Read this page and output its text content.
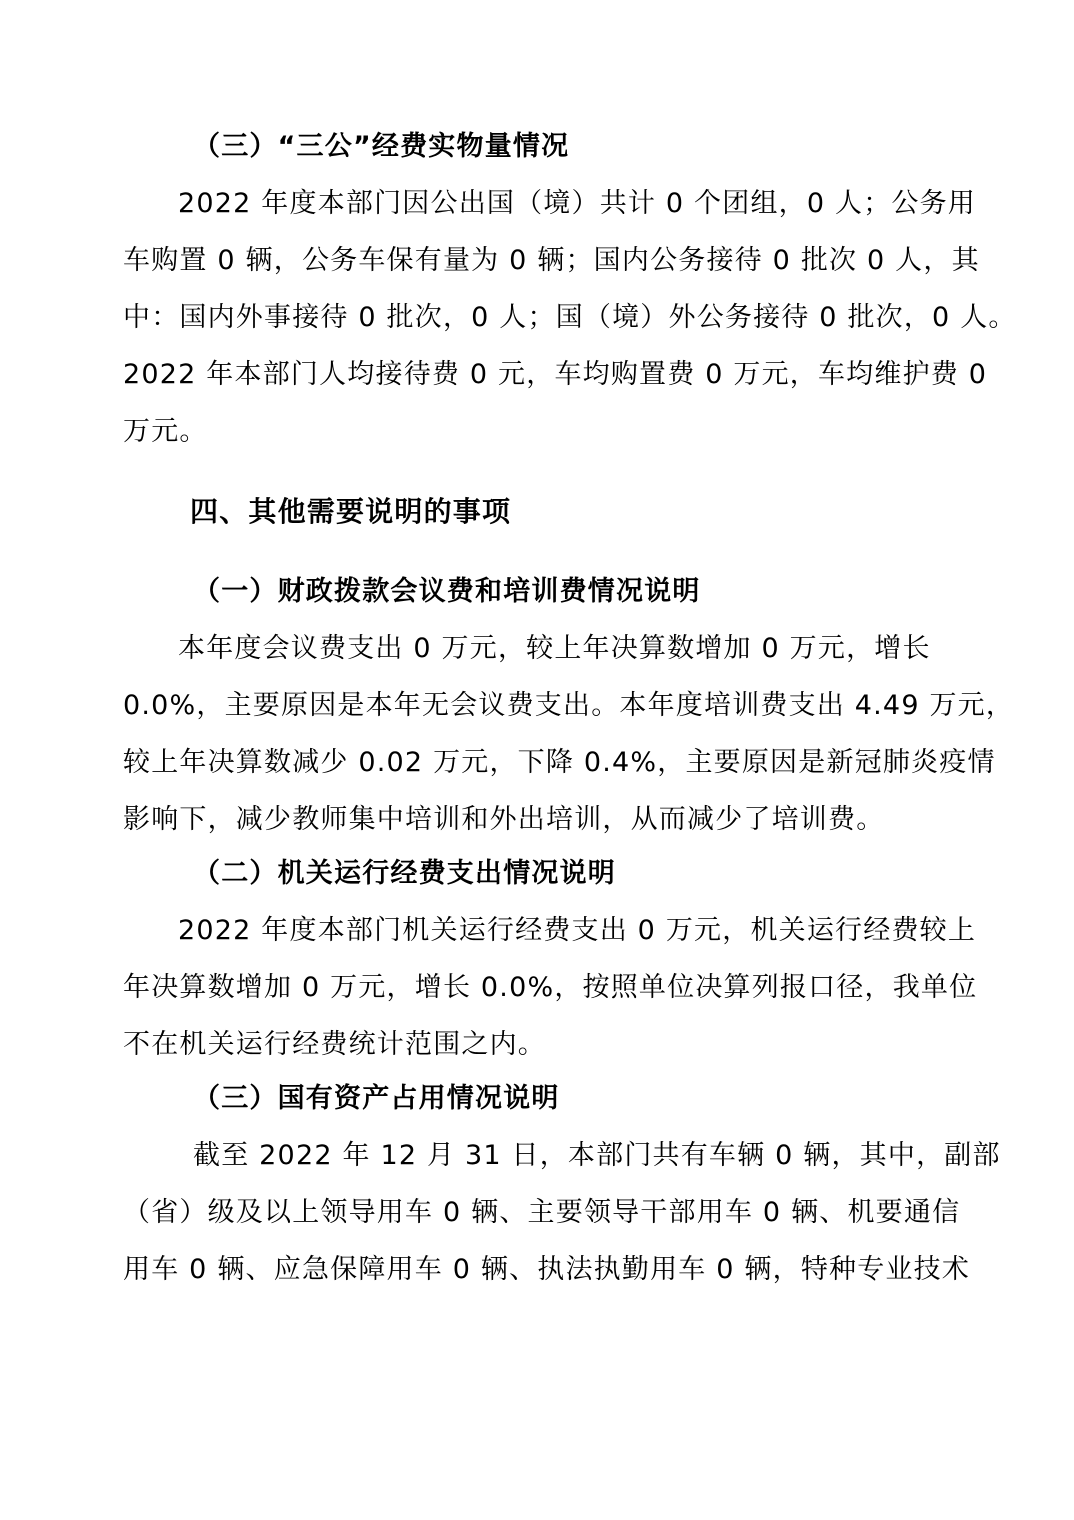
（三）“三公”经费实物量情况
2022 年度本部门因公出国（境）共计 0 个团组，0 人；公务用
车购置 0 辆，公务车保有量为 0 辆；国内公务接待 0 批次 0 人，其
中：国内外事接待 0 批次，0 人；国（境）外公务接待 0 批次，0 人。
2022 年本部门人均接待费 0 元，车均购置费 0 万元，车均维护费 0
万元。
四、其他需要说明的事项
（一）财政拨款会议费和培训费情况说明
本年度会议费支出 0 万元，较上年决算数增加 0 万元，增长
0.0%，主要原因是本年无会议费支出。本年度培训费支出 4.49 万元，
较上年决算数减少 0.02 万元，下降 0.4%，主要原因是新冠肺炎疫情
影响下，减少教师集中培训和外出培训，从而减少了培训费。
（二）机关运行经费支出情况说明
2022 年度本部门机关运行经费支出 0 万元，机关运行经费较上
年决算数增加 0 万元，增长 0.0%，按照单位决算列报口径，我单位
不在机关运行经费统计范围之内。
（三）国有资产占用情况说明
截至 2022 年 12 月 31 日，本部门共有车辆 0 辆，其中，副部
（省）级及以上领导用车 0 辆、主要领导干部用车 0 辆、机要通信
用车 0 辆、应急保障用车 0 辆、执法执勤用车 0 辆，特种专业技术
